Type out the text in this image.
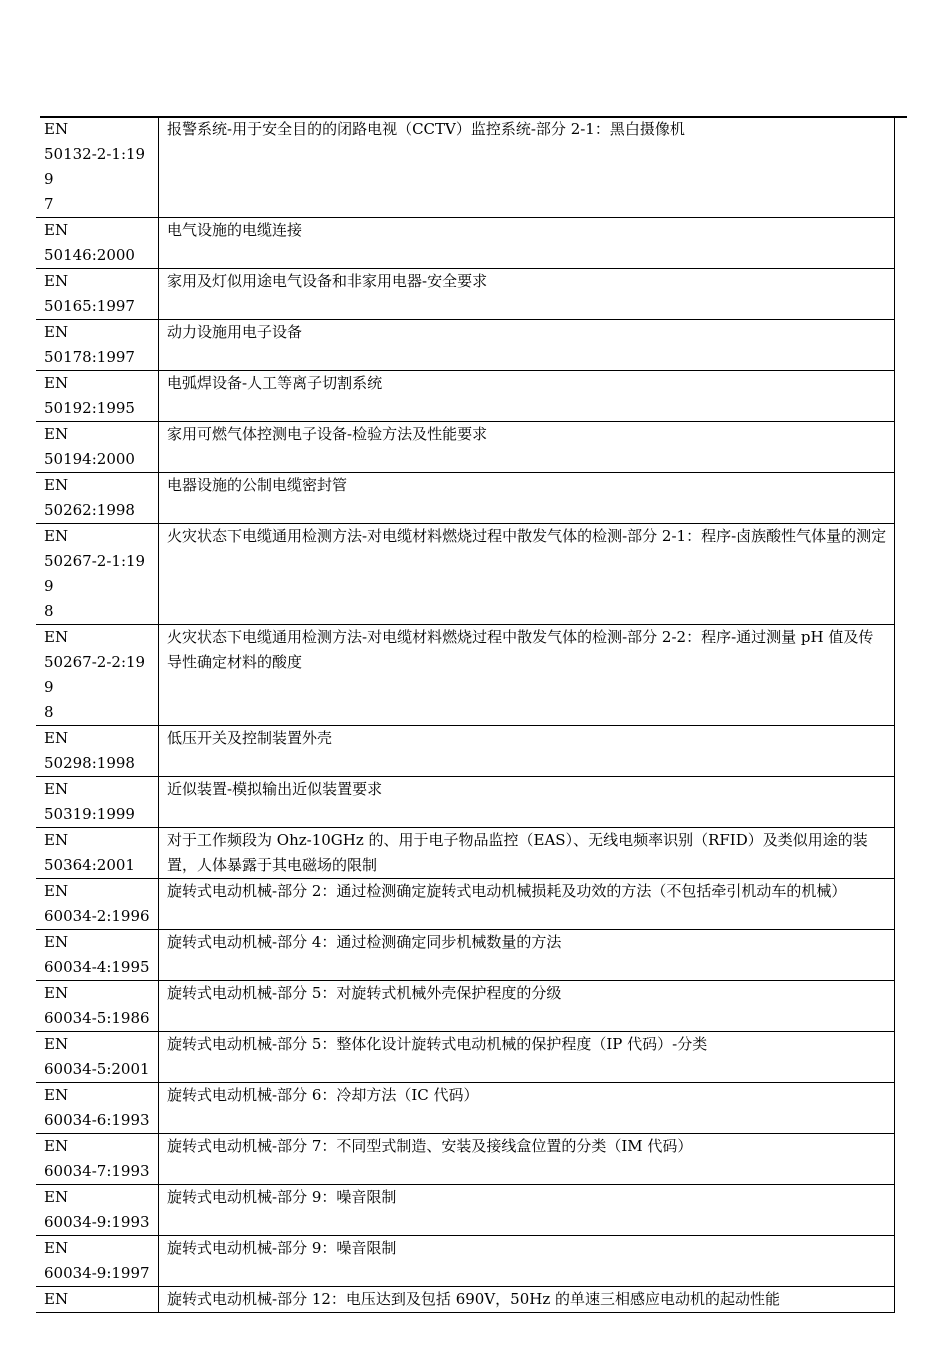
EN
50132-2-1:199
7	报警系统-用于安全目的的闭路电视（CCTV）监控系统-部分 2-1：黑白摄像机

EN
50146:2000	电气设施的电缆连接

EN
50165:1997	家用及灯似用途电气设备和非家用电器-安全要求

EN
50178:1997	动力设施用电子设备

EN
50192:1995	电弧焊设备-人工等离子切割系统

EN
50194:2000	家用可燃气体控测电子设备-检验方法及性能要求

EN
50262:1998	电器设施的公制电缆密封管

EN
50267-2-1:199
8	火灾状态下电缆通用检测方法-对电缆材料燃烧过程中散发气体的检测-部分 2-1：程序-卤族酸性气体量的测定

EN
50267-2-2:199
8	火灾状态下电缆通用检测方法-对电缆材料燃烧过程中散发气体的检测-部分 2-2：程序-通过测量 pH 值及传导性确定材料的酸度

EN
50298:1998	低压开关及控制装置外壳

EN
50319:1999	近似装置-模拟输出近似装置要求

EN
50364:2001	对于工作频段为 Ohz-10GHz 的、用于电子物品监控（EAS）、无线电频率识别（RFID）及类似用途的装置，人体暴露于其电磁场的限制

EN
60034-2:1996	旋转式电动机械-部分 2：通过检测确定旋转式电动机械损耗及功效的方法（不包括牵引机动车的机械）

EN
60034-4:1995	旋转式电动机械-部分 4：通过检测确定同步机械数量的方法

EN
60034-5:1986	旋转式电动机械-部分 5：对旋转式机械外壳保护程度的分级

EN
60034-5:2001	旋转式电动机械-部分 5：整体化设计旋转式电动机械的保护程度（IP 代码）-分类

EN
60034-6:1993	旋转式电动机械-部分 6：冷却方法（IC 代码）

EN
60034-7:1993	旋转式电动机械-部分 7：不同型式制造、安装及接线盒位置的分类（IM 代码）

EN
60034-9:1993	旋转式电动机械-部分 9：噪音限制

EN
60034-9:1997	旋转式电动机械-部分 9：噪音限制

EN	旋转式电动机械-部分 12：电压达到及包括 690V，50Hz 的单速三相感应电动机的起动性能
